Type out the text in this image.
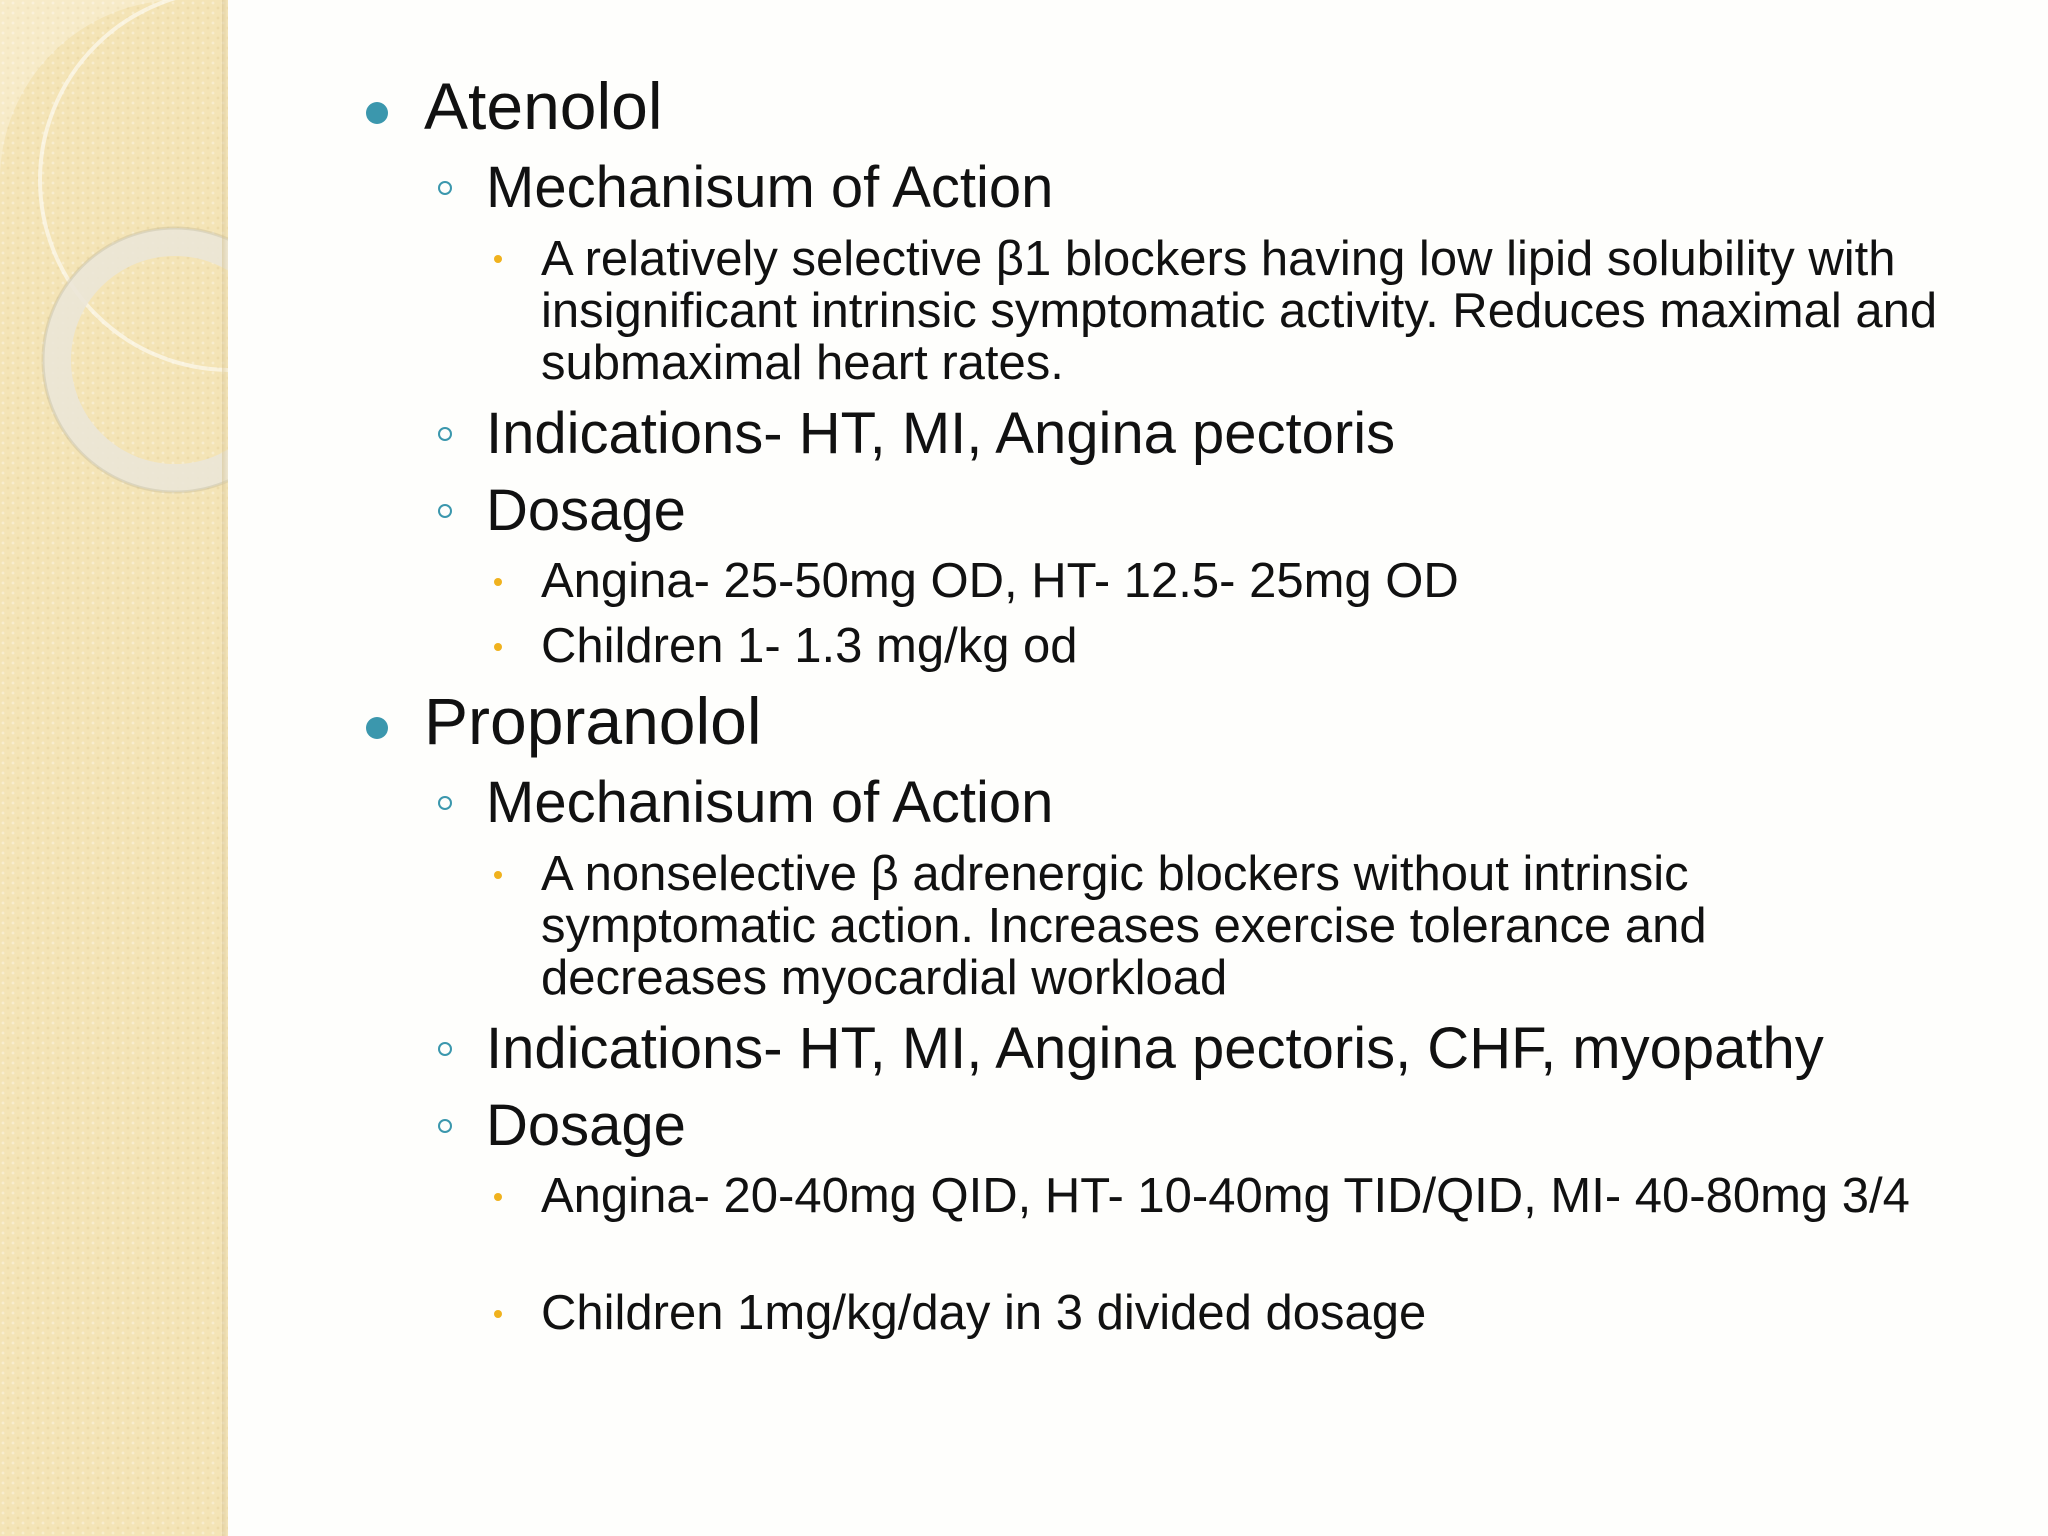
Atenolol
Mechanisum of Action
A relatively selective β1 blockers having low lipid solubility with insignificant intrinsic symptomatic activity. Reduces maximal and submaximal heart rates.
Indications- HT, MI, Angina pectoris
Dosage
Angina- 25-50mg OD, HT- 12.5- 25mg OD
Children 1- 1.3 mg/kg od
Propranolol
Mechanisum of Action
A nonselective β adrenergic blockers without intrinsic symptomatic action. Increases exercise tolerance and decreases myocardial workload
Indications- HT, MI, Angina pectoris, CHF, myopathy
Dosage
Angina- 20-40mg QID, HT- 10-40mg TID/QID, MI- 40-80mg 3/4
Children 1mg/kg/day in 3 divided dosage
